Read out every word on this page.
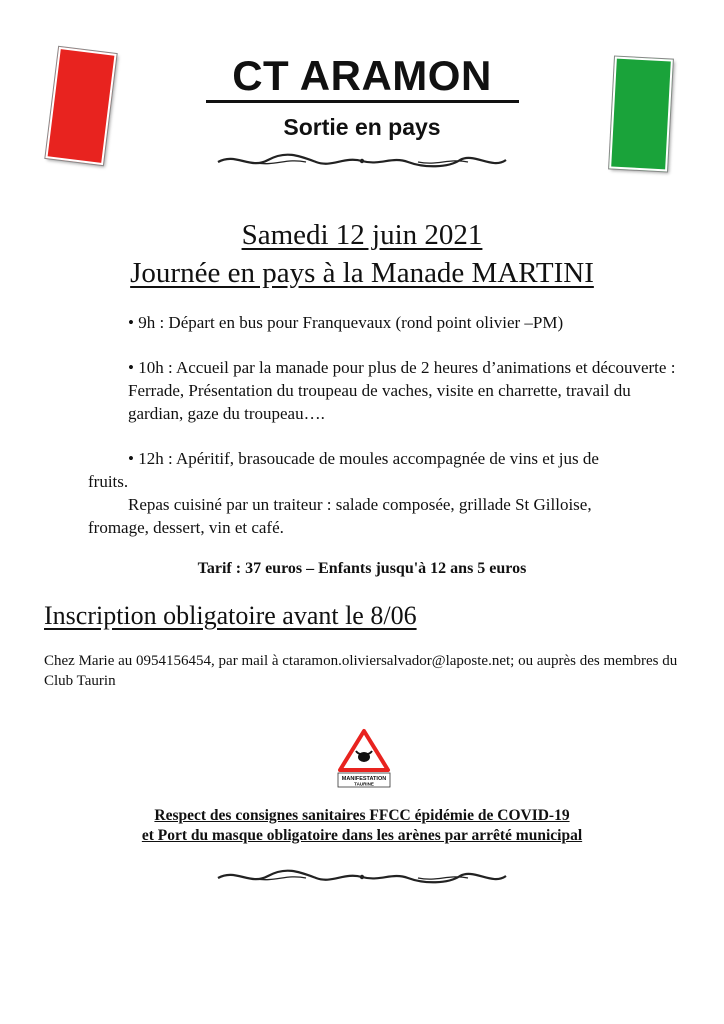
CT ARAMON
Sortie en pays
Samedi 12 juin 2021
Journée en pays à la Manade MARTINI

• 9h : Départ en bus pour Franquevaux (rond point olivier –PM)

• 10h : Accueil par la manade pour plus de 2 heures d’animations et découverte : Ferrade, Présentation du troupeau de vaches, visite en charrette, travail du gardian, gaze du troupeau….

• 12h : Apéritif, brasoucade de moules accompagnée de vins et jus de
fruits.
Repas cuisiné par un traiteur : salade composée, grillade St Gilloise,
fromage, dessert, vin et café.

Tarif : 37 euros – Enfants jusqu'à 12 ans 5 euros
Inscription obligatoire avant le 8/06
Chez Marie au 0954156454, par mail à ctaramon.oliviersalvador@laposte.net; ou auprès des membres du Club Taurin
MANIFESTATION
TAURINE
Respect des consignes sanitaires FFCC épidémie de COVID-19
et Port du masque obligatoire dans les arènes par arrêté municipal
